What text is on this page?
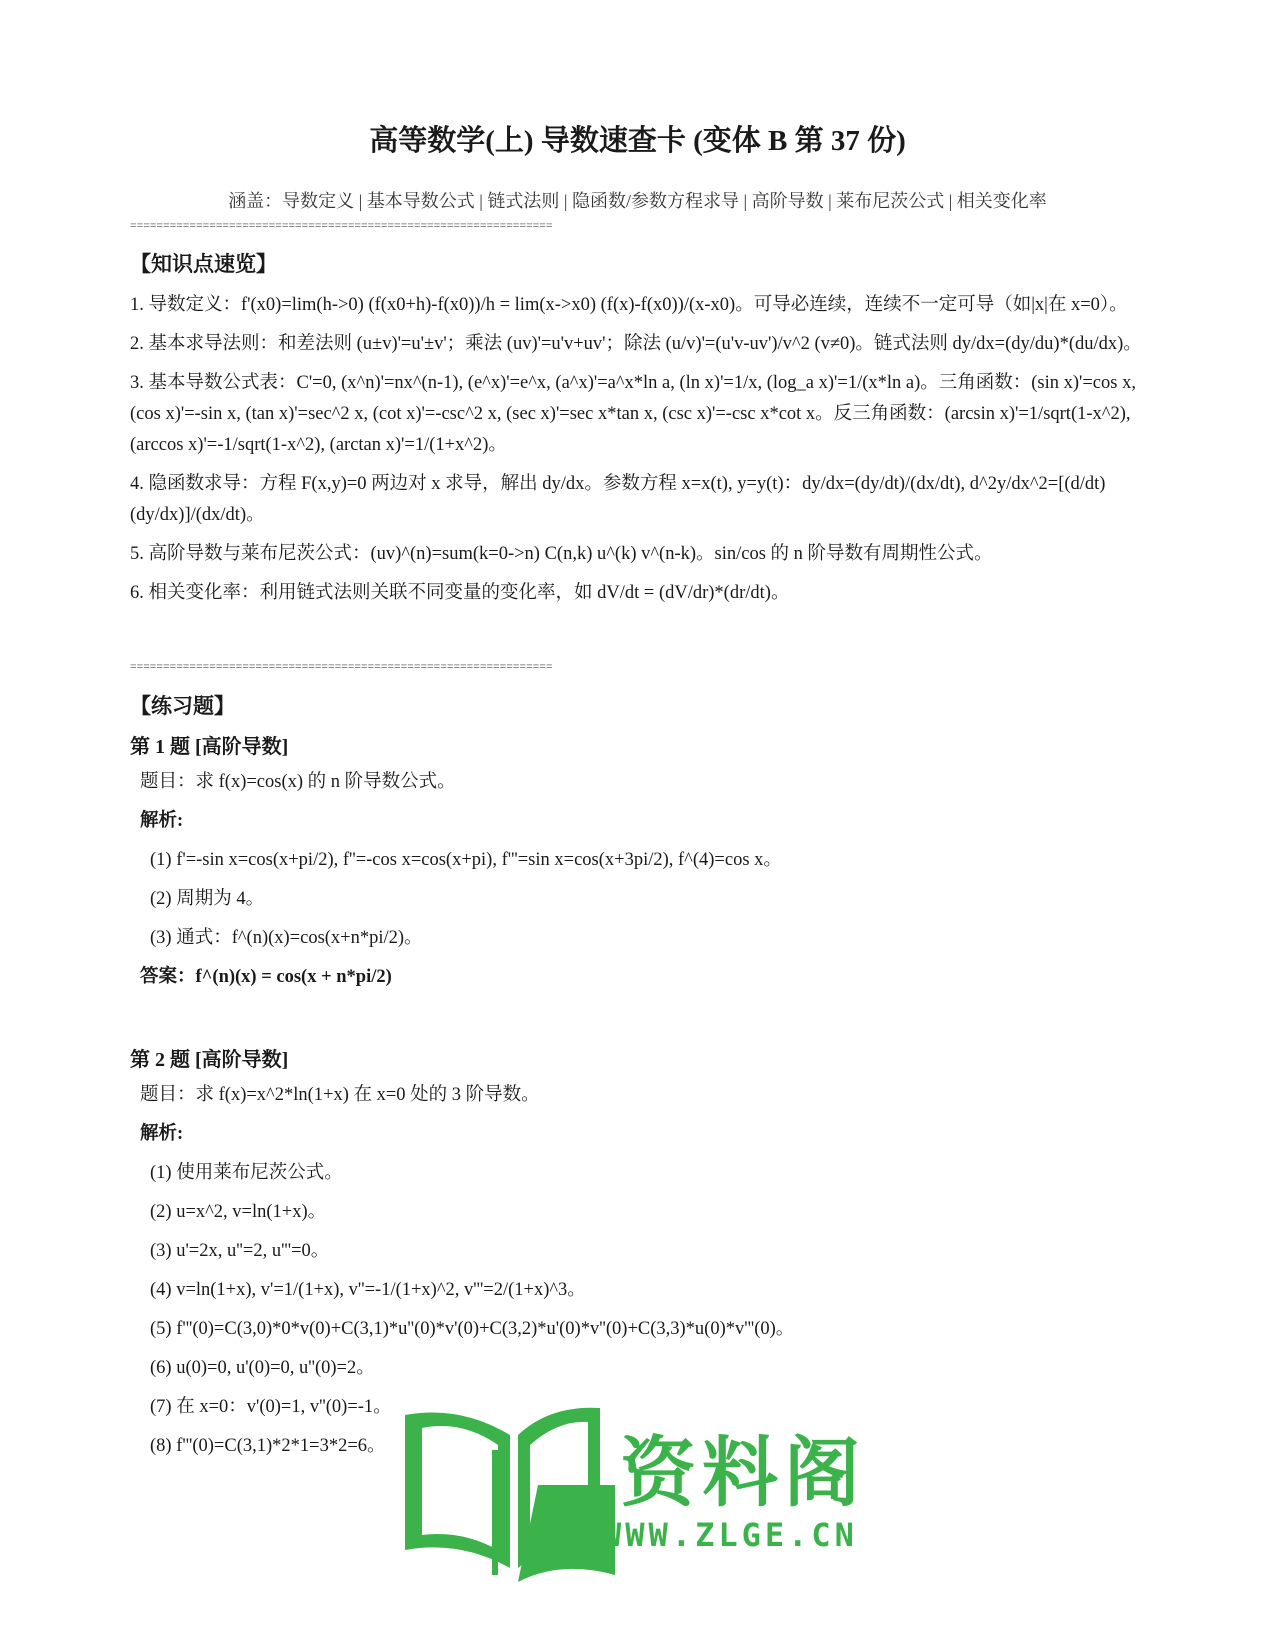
高等数学(上) 导数速查卡 (变体 B 第 37 份)
涵盖：导数定义 | 基本导数公式 | 链式法则 | 隐函数/参数方程求导 | 高阶导数 | 莱布尼茨公式 | 相关变化率
================================================================

【知识点速览】

1. 导数定义：f'(x0)=lim(h->0) (f(x0+h)-f(x0))/h = lim(x->x0) (f(x)-f(x0))/(x-x0)。可导必连续，连续不一定可导（如|x|在 x=0）。

2. 基本求导法则：和差法则 (u±v)'=u'±v'；乘法 (uv)'=u'v+uv'；除法 (u/v)'=(u'v-uv')/v^2 (v≠0)。链式法则 dy/dx=(dy/du)*(du/dx)。

3. 基本导数公式表：C'=0, (x^n)'=nx^(n-1), (e^x)'=e^x, (a^x)'=a^x*ln a, (ln x)'=1/x, (log_a x)'=1/(x*ln a)。三角函数：(sin x)'=cos x, (cos x)'=-sin x, (tan x)'=sec^2 x, (cot x)'=-csc^2 x, (sec x)'=sec x*tan x, (csc x)'=-csc x*cot x。反三角函数：(arcsin x)'=1/sqrt(1-x^2), (arccos x)'=-1/sqrt(1-x^2), (arctan x)'=1/(1+x^2)。

4. 隐函数求导：方程 F(x,y)=0 两边对 x 求导，解出 dy/dx。参数方程 x=x(t), y=y(t)：dy/dx=(dy/dt)/(dx/dt), d^2y/dx^2=[(d/dt)(dy/dx)]/(dx/dt)。

5. 高阶导数与莱布尼茨公式：(uv)^(n)=sum(k=0->n) C(n,k) u^(k) v^(n-k)。sin/cos 的 n 阶导数有周期性公式。

6. 相关变化率：利用链式法则关联不同变量的变化率，如 dV/dt = (dV/dr)*(dr/dt)。

================================================================

【练习题】

第 1 题 [高阶导数]

题目：求 f(x)=cos(x) 的 n 阶导数公式。

解析:

(1) f'=-sin x=cos(x+pi/2), f''=-cos x=cos(x+pi), f'''=sin x=cos(x+3pi/2), f^(4)=cos x。

(2) 周期为 4。

(3) 通式：f^(n)(x)=cos(x+n*pi/2)。

答案：f^(n)(x) = cos(x + n*pi/2)

第 2 题 [高阶导数]

题目：求 f(x)=x^2*ln(1+x) 在 x=0 处的 3 阶导数。

解析:

(1) 使用莱布尼茨公式。

(2) u=x^2, v=ln(1+x)。

(3) u'=2x, u''=2, u'''=0。

(4) v=ln(1+x), v'=1/(1+x), v''=-1/(1+x)^2, v'''=2/(1+x)^3。

(5) f'''(0)=C(3,0)*0*v(0)+C(3,1)*u''(0)*v'(0)+C(3,2)*u'(0)*v''(0)+C(3,3)*u(0)*v'''(0)。

(6) u(0)=0, u'(0)=0, u''(0)=2。

(7) 在 x=0：v'(0)=1, v''(0)=-1。

(8) f'''(0)=C(3,1)*2*1=3*2=6。	资料阁
WWW.ZLGE.CN
